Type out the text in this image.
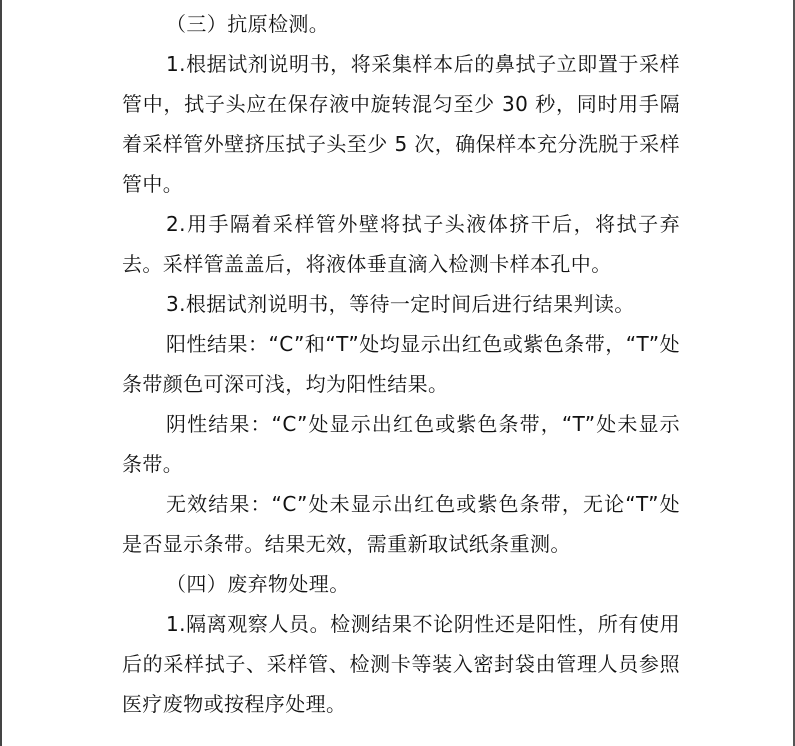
（三）抗原检测。

1.根据试剂说明书，将采集样本后的鼻拭子立即置于采样管中，拭子头应在保存液中旋转混匀至少 30 秒，同时用手隔着采样管外壁挤压拭子头至少 5 次，确保样本充分洗脱于采样管中。

2.用手隔着采样管外壁将拭子头液体挤干后，将拭子弃去。采样管盖盖后，将液体垂直滴入检测卡样本孔中。

3.根据试剂说明书，等待一定时间后进行结果判读。

阳性结果：“C”和“T”处均显示出红色或紫色条带，“T”处条带颜色可深可浅，均为阳性结果。

阴性结果：“C”处显示出红色或紫色条带，“T”处未显示条带。

无效结果：“C”处未显示出红色或紫色条带，无论“T”处是否显示条带。结果无效，需重新取试纸条重测。

（四）废弃物处理。

1.隔离观察人员。检测结果不论阴性还是阳性，所有使用后的采样拭子、采样管、检测卡等装入密封袋由管理人员参照医疗废物或按程序处理。
